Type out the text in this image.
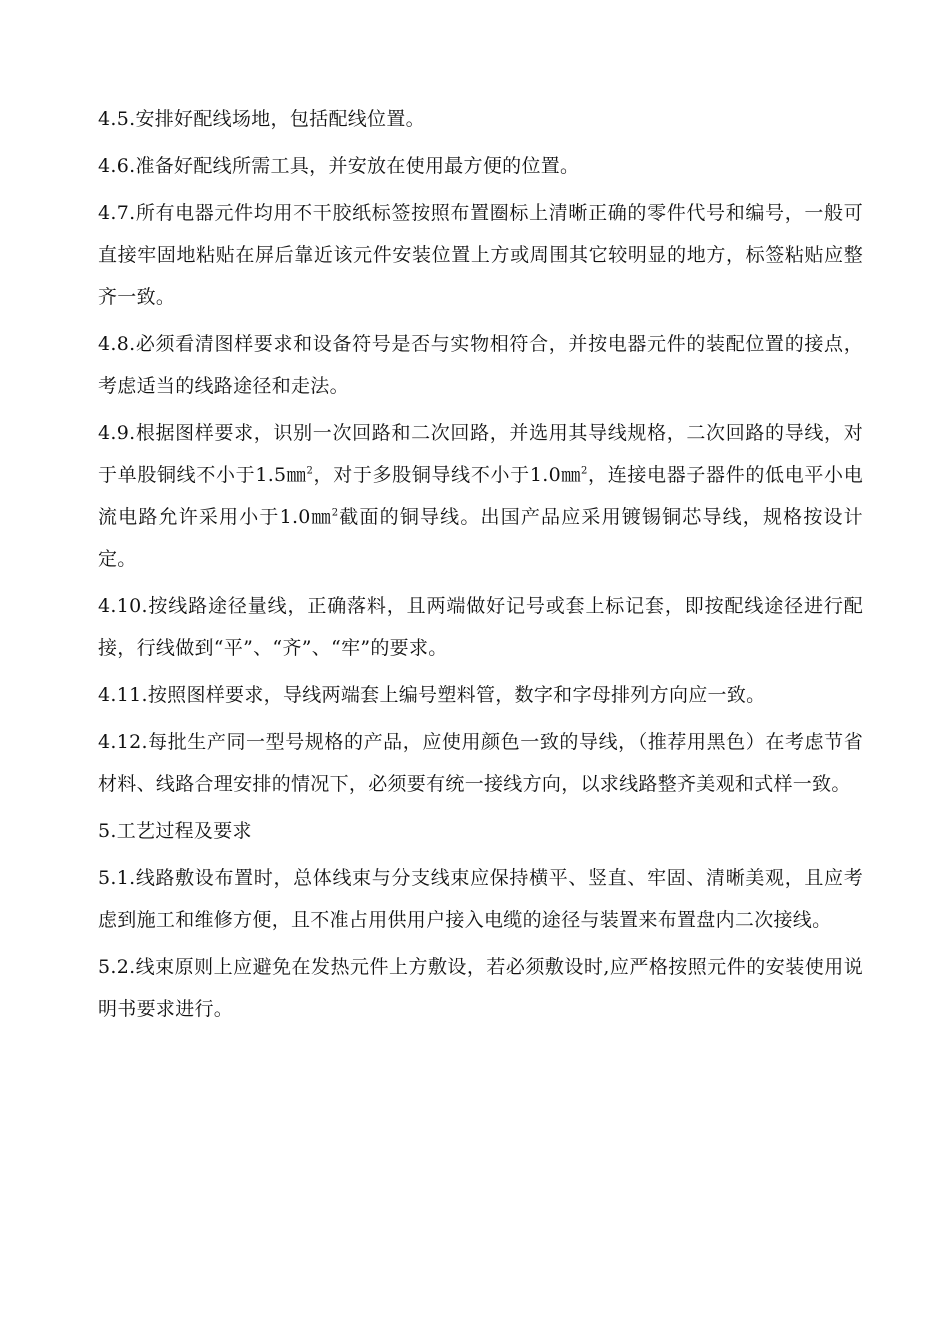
4.5.安排好配线场地，包括配线位置。

4.6.准备好配线所需工具，并安放在使用最方便的位置。

4.7.所有电器元件均用不干胶纸标签按照布置圈标上清晰正确的零件代号和编号，一般可直接牢固地粘贴在屏后靠近该元件安装位置上方或周围其它较明显的地方，标签粘贴应整齐一致。

4.8.必须看清图样要求和设备符号是否与实物相符合，并按电器元件的装配位置的接点，考虑适当的线路途径和走法。

4.9.根据图样要求，识别一次回路和二次回路，并选用其导线规格，二次回路的导线，对于单股铜线不小于1.5㎜$^2$，对于多股铜导线不小于1.0㎜$^2$，连接电器子器件的低电平小电流电路允许采用小于1.0㎜$^2$截面的铜导线。出国产品应采用镀锡铜芯导线，规格按设计定。

4.10.按线路途径量线，正确落料，且两端做好记号或套上标记套，即按配线途径进行配接，行线做到“平”、“齐”、“牢”的要求。

4.11.按照图样要求，导线两端套上编号塑料管，数字和字母排列方向应一致。

4.12.每批生产同一型号规格的产品，应使用颜色一致的导线，（推荐用黑色）在考虑节省材料、线路合理安排的情况下，必须要有统一接线方向，以求线路整齐美观和式样一致。

5.工艺过程及要求

5.1.线路敷设布置时，总体线束与分支线束应保持横平、竖直、牢固、清晰美观，且应考虑到施工和维修方便，且不准占用供用户接入电缆的途径与装置来布置盘内二次接线。

5.2.线束原则上应避免在发热元件上方敷设，若必须敷设时,应严格按照元件的安装使用说明书要求进行。
